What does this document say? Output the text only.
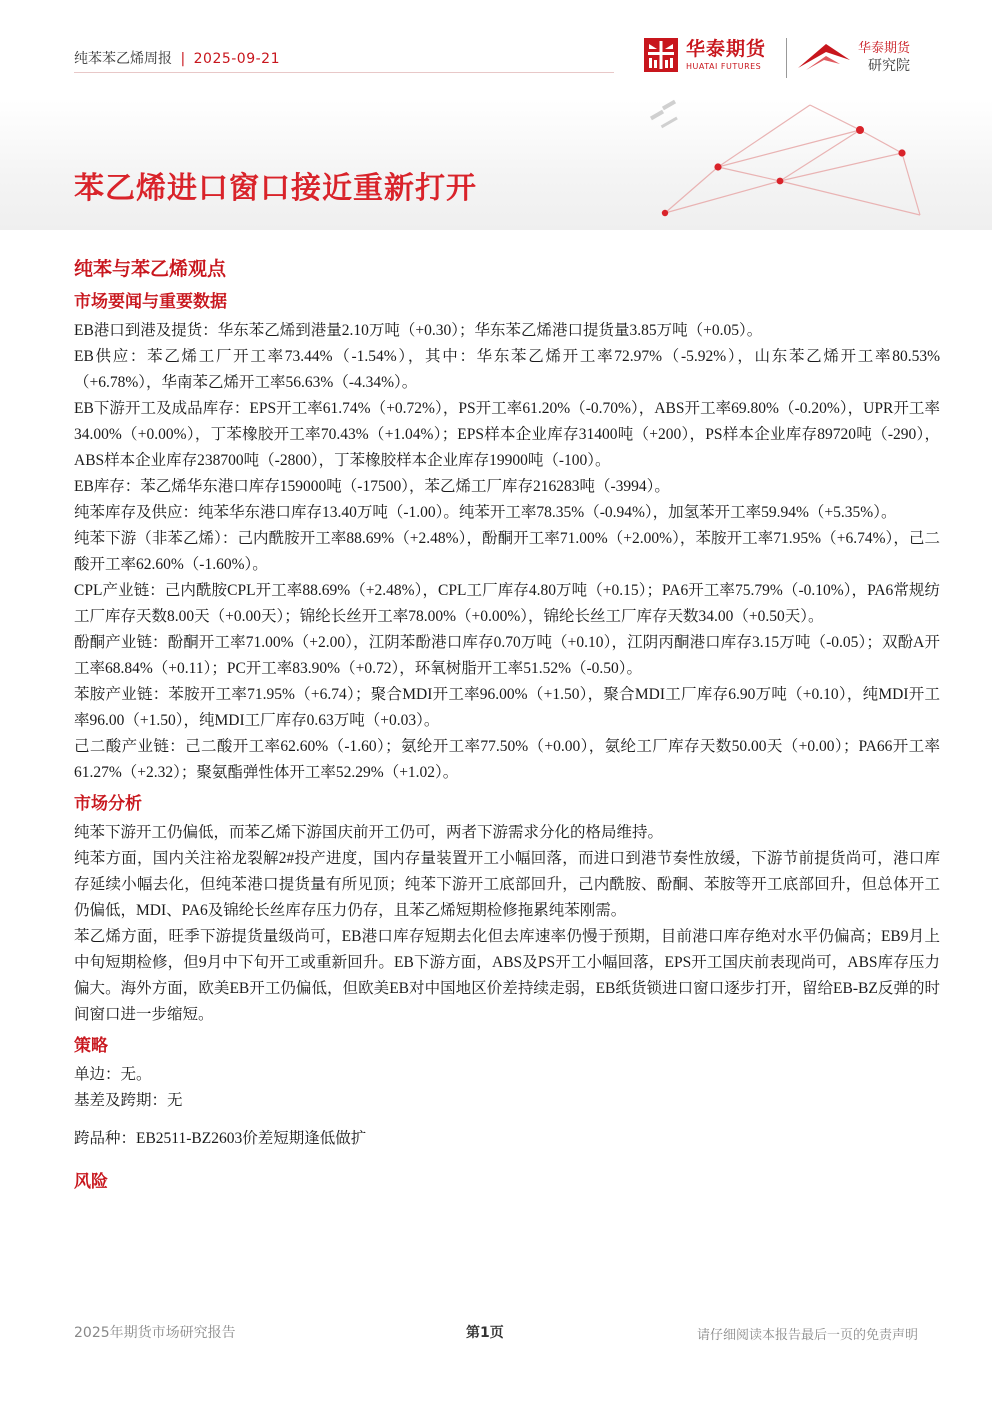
纯苯苯乙烯周报 | 2025-09-21	华泰期货
HUATAI FUTURES
华泰期货
研究院
苯乙烯进口窗口接近重新打开
纯苯与苯乙烯观点
市场要闻与重要数据

EB港口到港及提货：华东苯乙烯到港量2.10万吨（+0.30）；华东苯乙烯港口提货量3.85万吨（+0.05）。

EB供应：苯乙烯工厂开工率73.44%（-1.54%），其中：华东苯乙烯开工率72.97%（-5.92%），山东苯乙烯开工率80.53%（+6.78%），华南苯乙烯开工率56.63%（-4.34%）。

EB下游开工及成品库存：EPS开工率61.74%（+0.72%），PS开工率61.20%（-0.70%），ABS开工率69.80%（-0.20%），UPR开工率34.00%（+0.00%），丁苯橡胶开工率70.43%（+1.04%）；EPS样本企业库存31400吨（+200），PS样本企业库存89720吨（-290），ABS样本企业库存238700吨（-2800），丁苯橡胶样本企业库存19900吨（-100）。

EB库存：苯乙烯华东港口库存159000吨（-17500），苯乙烯工厂库存216283吨（-3994）。

纯苯库存及供应：纯苯华东港口库存13.40万吨（-1.00）。纯苯开工率78.35%（-0.94%），加氢苯开工率59.94%（+5.35%）。

纯苯下游（非苯乙烯）：己内酰胺开工率88.69%（+2.48%），酚酮开工率71.00%（+2.00%），苯胺开工率71.95%（+6.74%），己二酸开工率62.60%（-1.60%）。

CPL产业链：己内酰胺CPL开工率88.69%（+2.48%），CPL工厂库存4.80万吨（+0.15）；PA6开工率75.79%（-0.10%），PA6常规纺工厂库存天数8.00天（+0.00天）；锦纶长丝开工率78.00%（+0.00%），锦纶长丝工厂库存天数34.00（+0.50天）。

酚酮产业链：酚酮开工率71.00%（+2.00），江阴苯酚港口库存0.70万吨（+0.10），江阴丙酮港口库存3.15万吨（-0.05）；双酚A开工率68.84%（+0.11）；PC开工率83.90%（+0.72），环氧树脂开工率51.52%（-0.50）。

苯胺产业链：苯胺开工率71.95%（+6.74）；聚合MDI开工率96.00%（+1.50），聚合MDI工厂库存6.90万吨（+0.10），纯MDI开工率96.00（+1.50），纯MDI工厂库存0.63万吨（+0.03）。

己二酸产业链：己二酸开工率62.60%（-1.60）；氨纶开工率77.50%（+0.00），氨纶工厂库存天数50.00天（+0.00）；PA66开工率61.27%（+2.32）；聚氨酯弹性体开工率52.29%（+1.02）。

市场分析

纯苯下游开工仍偏低，而苯乙烯下游国庆前开工仍可，两者下游需求分化的格局维持。

纯苯方面，国内关注裕龙裂解2#投产进度，国内存量装置开工小幅回落，而进口到港节奏性放缓，下游节前提货尚可，港口库存延续小幅去化，但纯苯港口提货量有所见顶；纯苯下游开工底部回升，己内酰胺、酚酮、苯胺等开工底部回升，但总体开工仍偏低，MDI、PA6及锦纶长丝库存压力仍存，且苯乙烯短期检修拖累纯苯刚需。

苯乙烯方面，旺季下游提货量级尚可，EB港口库存短期去化但去库速率仍慢于预期，目前港口库存绝对水平仍偏高；EB9月上中旬短期检修，但9月中下旬开工或重新回升。EB下游方面，ABS及PS开工小幅回落，EPS开工国庆前表现尚可，ABS库存压力偏大。海外方面，欧美EB开工仍偏低，但欧美EB对中国地区价差持续走弱，EB纸货锁进口窗口逐步打开，留给EB-BZ反弹的时间窗口进一步缩短。

策略

单边：无。

基差及跨期：无

跨品种：EB2511-BZ2603价差短期逢低做扩

风险
2025年期货市场研究报告	第1页	请仔细阅读本报告最后一页的免责声明
